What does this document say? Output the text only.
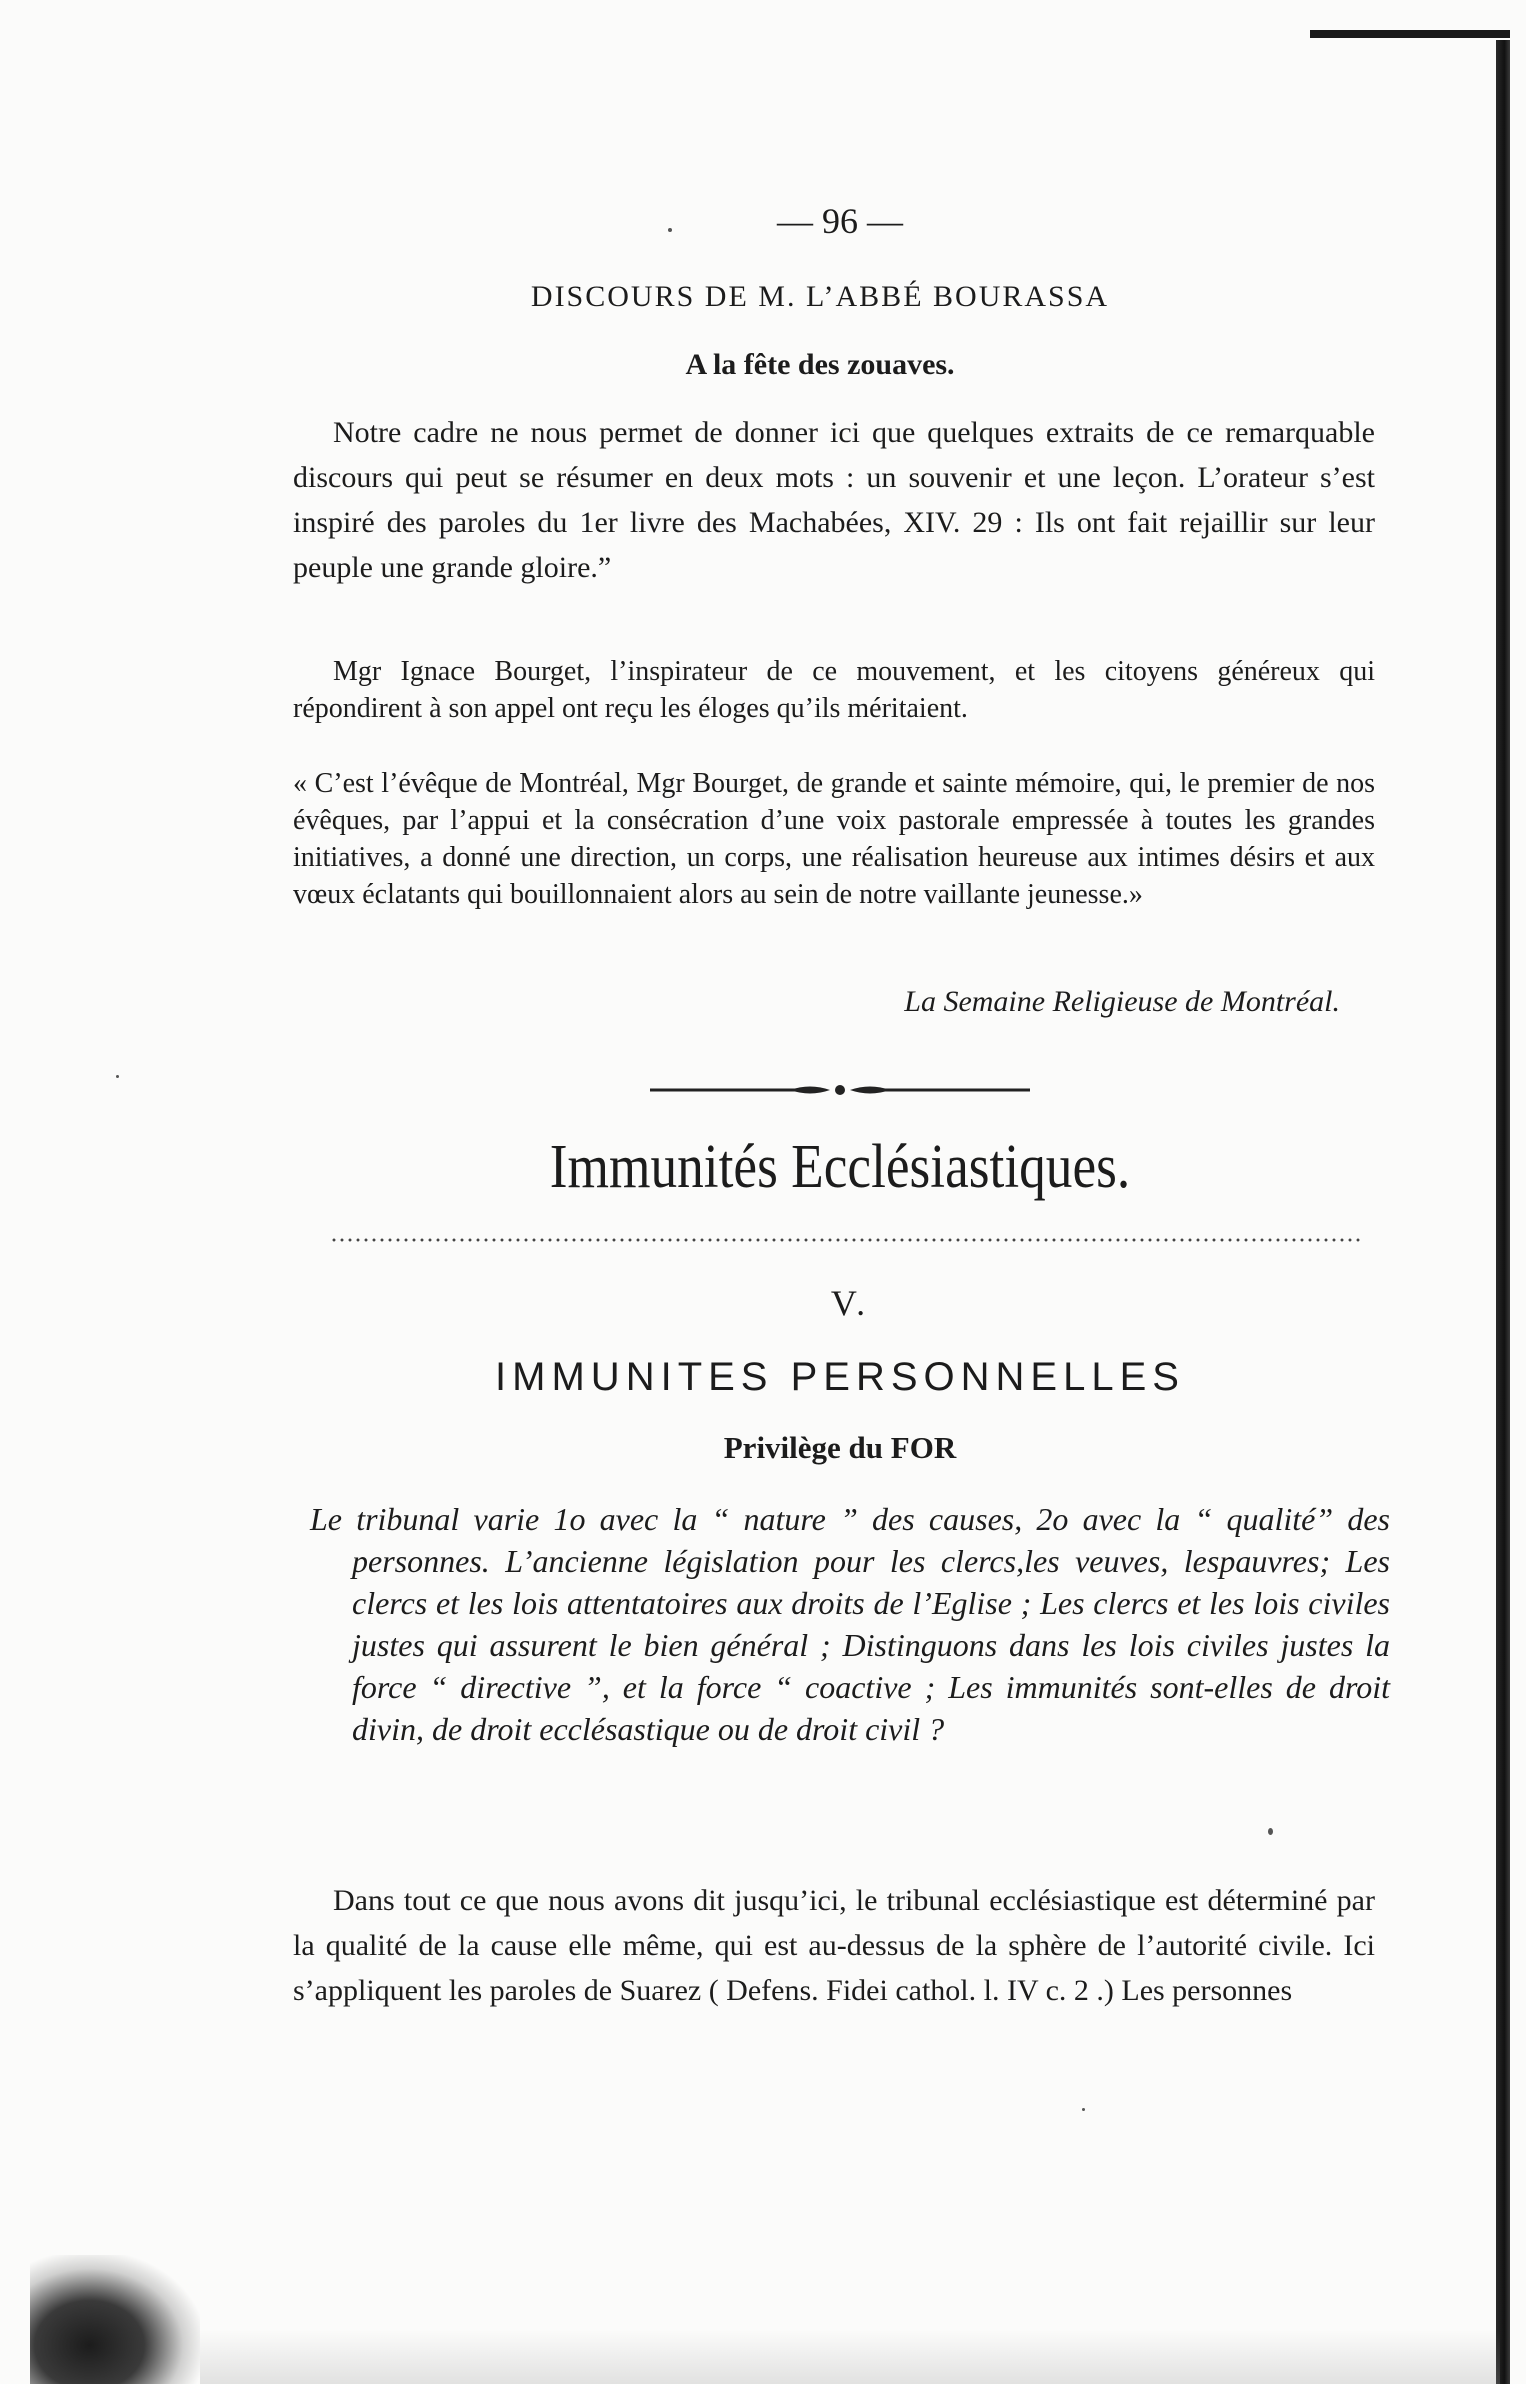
— 96 —
DISCOURS DE M. L’ABBÉ BOURASSA
A la fête des zouaves.
Notre cadre ne nous permet de donner ici que quelques extraits de ce remarquable discours qui peut se résumer en deux mots : un souvenir et une leçon. L’orateur s’est inspiré des paroles du 1er livre des Machabées, XIV. 29 : Ils ont fait rejaillir sur leur peuple une grande gloire.”
Mgr Ignace Bourget, l’inspirateur de ce mouvement, et les citoyens généreux qui répondirent à son appel ont reçu les éloges qu’ils méritaient.
« C’est l’évêque de Montréal, Mgr Bourget, de grande et sainte mémoire, qui, le premier de nos évêques, par l’appui et la consécration d’une voix pastorale empressée à toutes les grandes initiatives, a donné une direction, un corps, une réalisation heureuse aux intimes désirs et aux vœux éclatants qui bouillonnaient alors au sein de notre vaillante jeunesse.»
La Semaine Religieuse de Montréal.
Immunités Ecclésiastiques.
V.
IMMUNITES PERSONNELLES
Privilège du FOR
Le tribunal varie 1o avec la “ nature ” des causes, 2o avec la “ qualité” des personnes. L’ancienne législation pour les clercs,les veuves, lespauvres; Les clercs et les lois attentatoires aux droits de l’Eglise ; Les clercs et les lois civiles justes qui assurent le bien général ; Distinguons dans les lois civiles justes la force “ directive ”, et la force “ coactive ; Les immunités sont-elles de droit divin, de droit ecclésastique ou de droit civil ?
Dans tout ce que nous avons dit jusqu’ici, le tribunal ecclésiastique est déterminé par la qualité de la cause elle même, qui est au-dessus de la sphère de l’autorité civile. Ici s’appliquent les paroles de Suarez ( Defens. Fidei cathol. l. IV c. 2 .) Les personnes
